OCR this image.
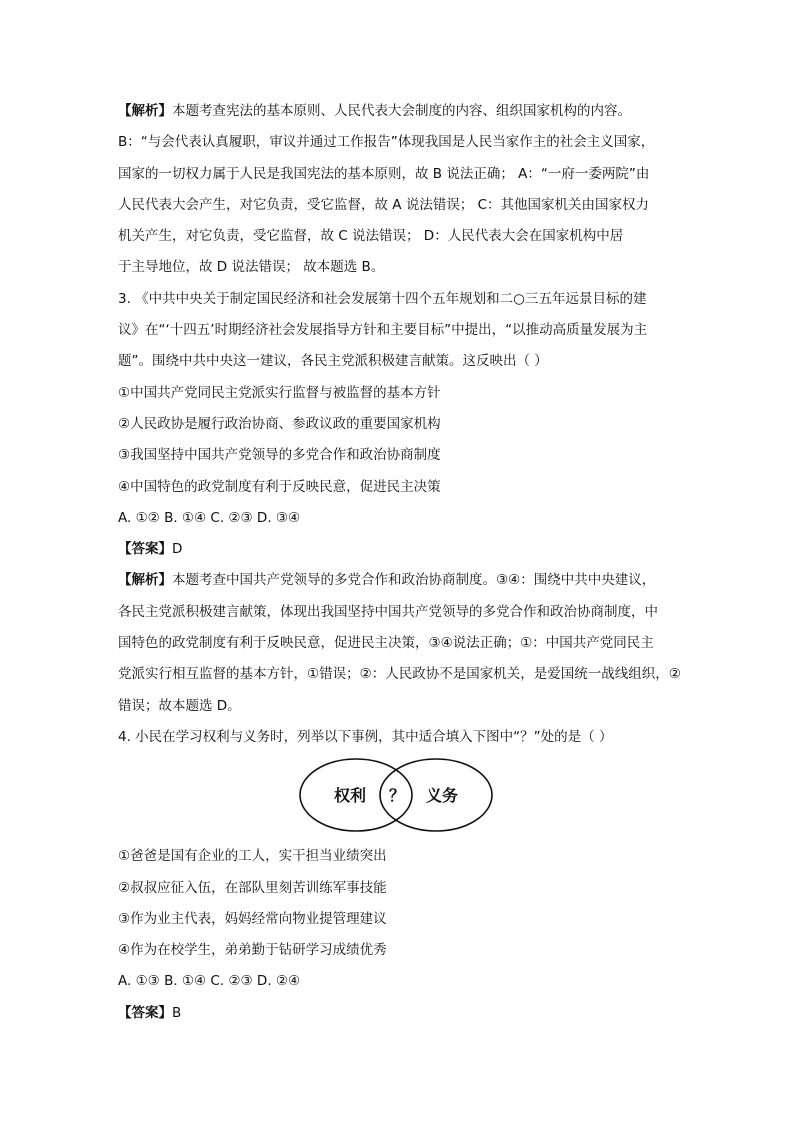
【解析】本题考查宪法的基本原则、人民代表大会制度的内容、组织国家机构的内容。
B：“与会代表认真履职，审议并通过工作报告”体现我国是人民当家作主的社会主义国家，
国家的一切权力属于人民是我国宪法的基本原则，故 B 说法正确； A：“一府一委两院”由
人民代表大会产生，对它负责，受它监督，故 A 说法错误； C：其他国家机关由国家权力
机关产生，对它负责，受它监督，故 C 说法错误； D：人民代表大会在国家机构中居
于主导地位，故 D 说法错误； 故本题选 B。
3. 《中共中央关于制定国民经济和社会发展第十四个五年规划和二○三五年远景目标的建
议》在“‘十四五’时期经济社会发展指导方针和主要目标”中提出，“以推动高质量发展为主
题”。围绕中共中央这一建议，各民主党派积极建言献策。这反映出（ ）
①中国共产党同民主党派实行监督与被监督的基本方针
②人民政协是履行政治协商、参政议政的重要国家机构
③我国坚持中国共产党领导的多党合作和政治协商制度
④中国特色的政党制度有利于反映民意，促进民主决策
A. ①② B. ①④ C. ②③ D. ③④
【答案】D
【解析】本题考查中国共产党领导的多党合作和政治协商制度。③④：围绕中共中央建议，
各民主党派积极建言献策，体现出我国坚持中国共产党领导的多党合作和政治协商制度，中
国特色的政党制度有利于反映民意，促进民主决策，③④说法正确；①：中国共产党同民主
党派实行相互监督的基本方针，①错误；②：人民政协不是国家机关，是爱国统一战线组织，②
错误；故本题选 D。
4. 小民在学习权利与义务时，列举以下事例，其中适合填入下图中“？”处的是（ ）
权利 ？ 义务
①爸爸是国有企业的工人，实干担当业绩突出
②叔叔应征入伍，在部队里刻苦训练军事技能
③作为业主代表，妈妈经常向物业提管理建议
④作为在校学生，弟弟勤于钻研学习成绩优秀
A. ①③ B. ①④ C. ②③ D. ②④
【答案】B
